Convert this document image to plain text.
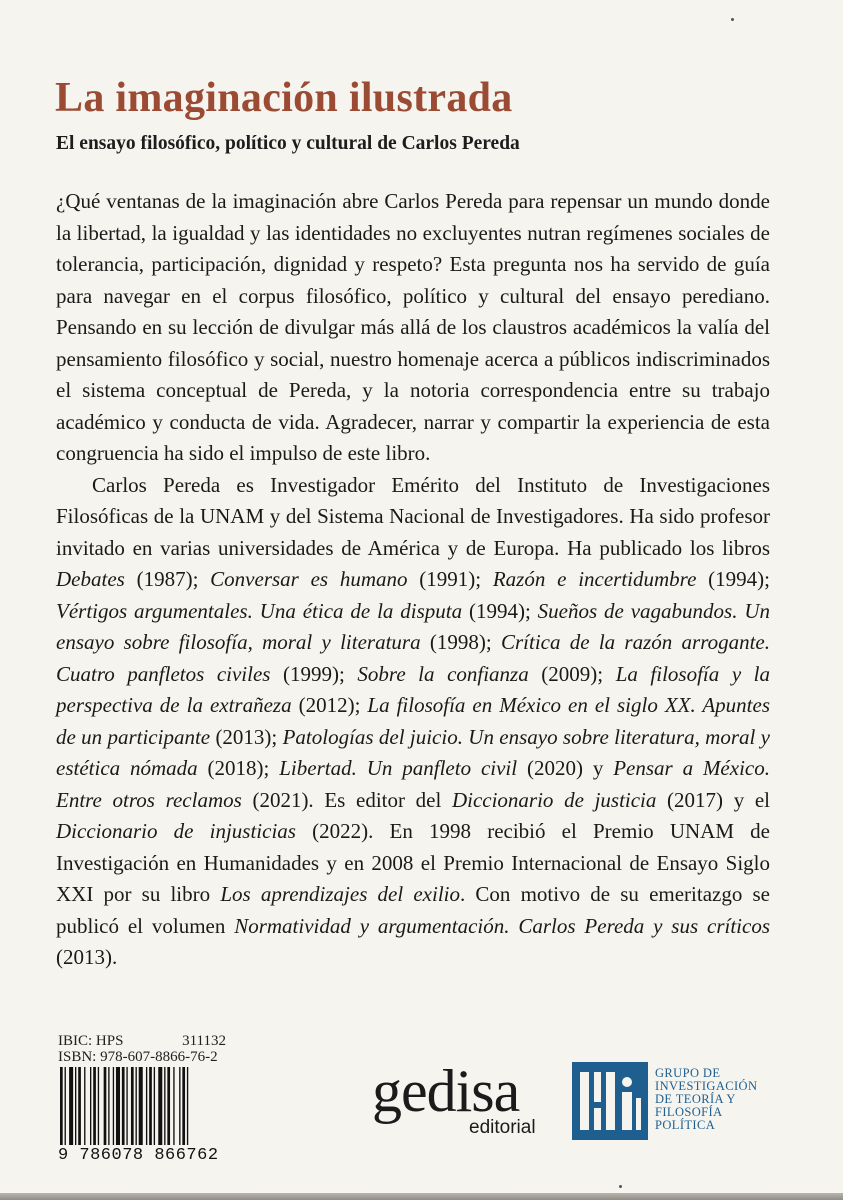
La imaginación ilustrada
El ensayo filosófico, político y cultural de Carlos Pereda

¿Qué ventanas de la imaginación abre Carlos Pereda para repensar un mundo donde la libertad, la igualdad y las identidades no excluyentes nutran regímenes sociales de tolerancia, participación, dignidad y respeto? Esta pregunta nos ha servido de guía para navegar en el corpus filosófico, político y cultural del ensayo perediano. Pensando en su lección de divulgar más allá de los claustros académicos la valía del pensamiento filosófico y social, nuestro homenaje acerca a públicos indiscriminados el sistema conceptual de Pereda, y la notoria correspondencia entre su trabajo académico y conducta de vida. Agradecer, narrar y compartir la experiencia de esta congruencia ha sido el impulso de este libro.

Carlos Pereda es Investigador Emérito del Instituto de Investigaciones Filosóficas de la UNAM y del Sistema Nacional de Investigadores. Ha sido profesor invitado en varias universidades de América y de Europa. Ha publicado los libros Debates (1987); Conversar es humano (1991); Razón e incertidumbre (1994); Vértigos argumentales. Una ética de la disputa (1994); Sueños de vagabundos. Un ensayo sobre filosofía, moral y literatura (1998); Crítica de la razón arrogante. Cuatro panfletos civiles (1999); Sobre la confianza (2009); La filosofía y la perspectiva de la extrañeza (2012); La filosofía en México en el siglo XX. Apuntes de un participante (2013); Patologías del juicio. Un ensayo sobre literatura, moral y estética nómada (2018); Libertad. Un panfleto civil (2020) y Pensar a México. Entre otros reclamos (2021). Es editor del Diccionario de justicia (2017) y el Diccionario de injusticias (2022). En 1998 recibió el Premio UNAM de Investigación en Humanidades y en 2008 el Premio Internacional de Ensayo Siglo XXI por su libro Los aprendizajes del exilio. Con motivo de su emeritazgo se publicó el volumen Normatividad y argumentación. Carlos Pereda y sus críticos (2013).

IBIC: HPS	311132
ISBN: 978-607-8866-76-2
9 786078 866762
gedisa
editorial
GRUPO DE
INVESTIGACIÓN
DE TEORÍA Y
FILOSOFÍA
POLÍTICA
